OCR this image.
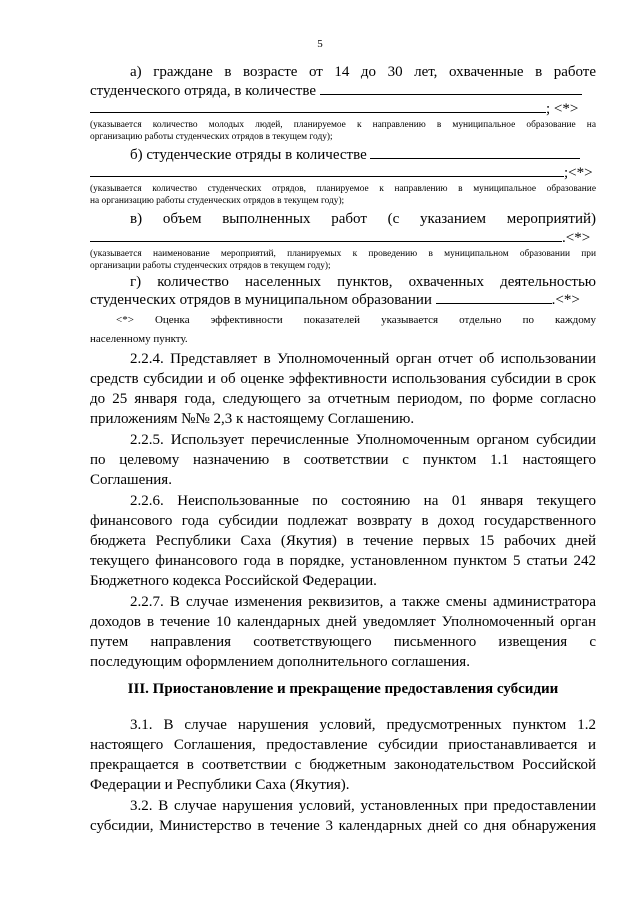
5
а) граждане в возрасте от 14 до 30 лет, охваченные в работе
студенческого отряда, в количестве
; <*>
(указывается количество молодых людей, планируемое к направлению в муниципальное образование на
организацию работы студенческих отрядов в текущем году);
б) студенческие отряды в количестве
;<*>
(указывается количество студенческих отрядов, планируемое к направлению в муниципальное образование
на организацию работы студенческих отрядов в текущем году);
в) объем выполненных работ (с указанием мероприятий)
.<*>
(указывается наименование мероприятий, планируемых к проведению в муниципальном образовании при
организации работы студенческих отрядов в текущем году);
г) количество населенных пунктов, охваченных деятельностью
студенческих отрядов в муниципальном образовании	.<*>
<*> Оценка эффективности показателей указывается отдельно по каждому
населенному пункту.
2.2.4. Представляет в Уполномоченный орган отчет об использовании
средств субсидии и об оценке эффективности использования субсидии в срок
до 25 января года, следующего за отчетным периодом, по форме согласно
приложениям №№ 2,3 к настоящему Соглашению.
2.2.5. Использует перечисленные Уполномоченным органом субсидии
по целевому назначению в соответствии с пунктом 1.1 настоящего
Соглашения.
2.2.6. Неиспользованные по состоянию на 01 января текущего
финансового года субсидии подлежат возврату в доход государственного
бюджета Республики Саха (Якутия) в течение первых 15 рабочих дней
текущего финансового года в порядке, установленном пунктом 5 статьи 242
Бюджетного кодекса Российской Федерации.
2.2.7. В случае изменения реквизитов, а также смены администратора
доходов в течение 10 календарных дней уведомляет Уполномоченный орган
путем направления соответствующего письменного извещения с
последующим оформлением дополнительного соглашения.
III. Приостановление и прекращение предоставления субсидии
3.1. В случае нарушения условий, предусмотренных пунктом 1.2
настоящего Соглашения, предоставление субсидии приостанавливается и
прекращается в соответствии с бюджетным законодательством Российской
Федерации и Республики Саха (Якутия).
3.2. В случае нарушения условий, установленных при предоставлении
субсидии, Министерство в течение 3 календарных дней со дня обнаружения
